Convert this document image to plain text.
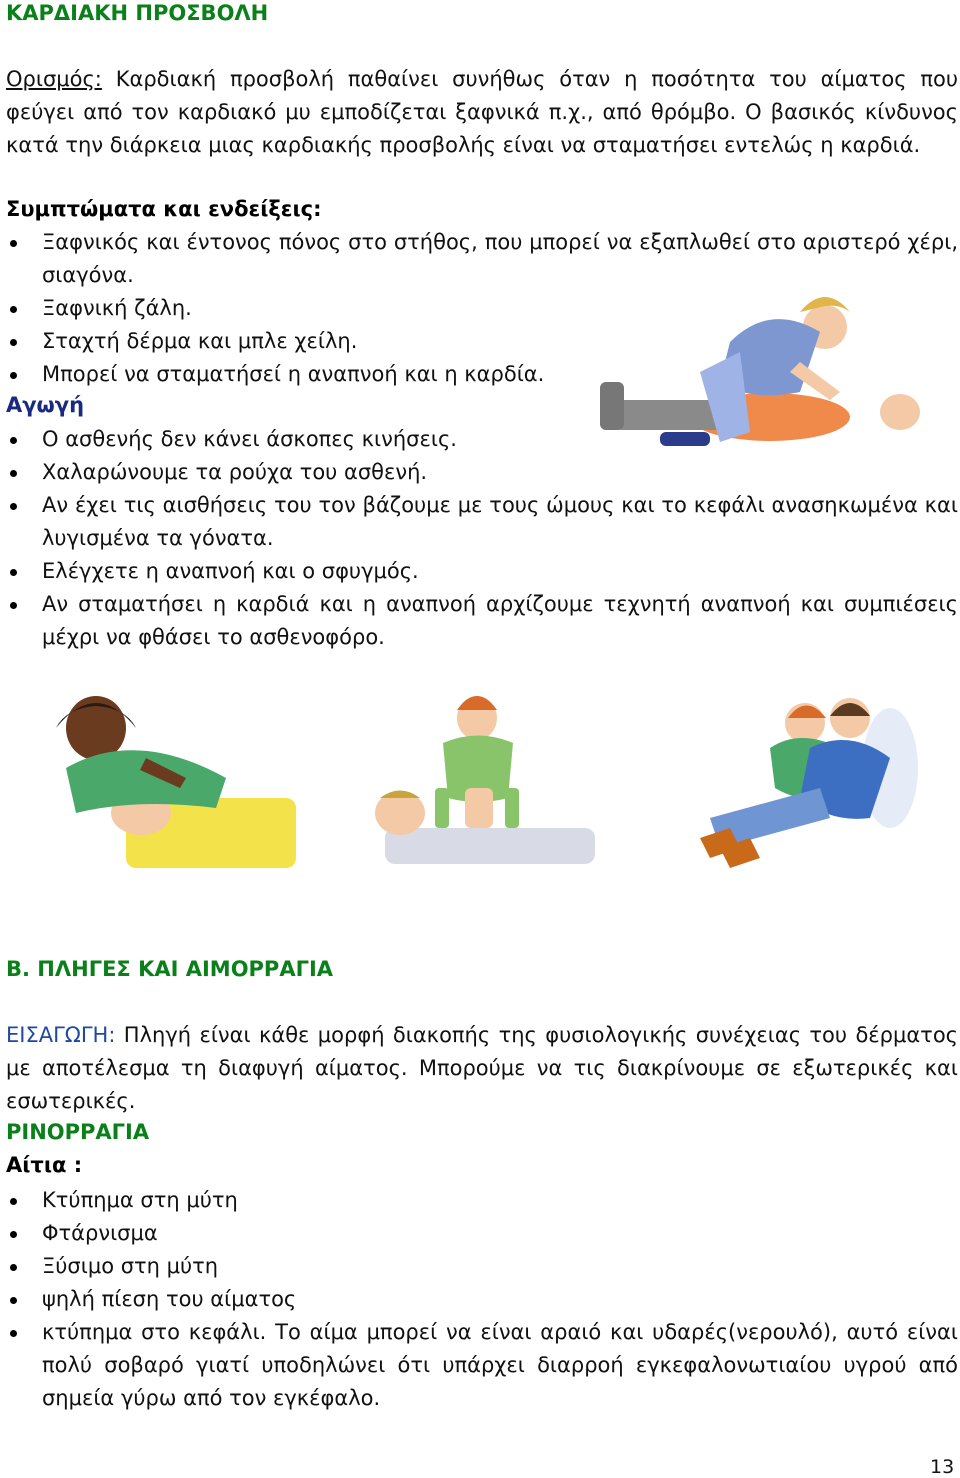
ΚΑΡΔΙΑΚΗ ΠΡΟΣΒΟΛΗ
Ορισμός: Καρδιακή προσβολή παθαίνει συνήθως όταν η ποσότητα του αίματος που φεύγει από τον καρδιακό μυ εμποδίζεται ξαφνικά π.χ., από θρόμβο. Ο βασικός κίνδυνος κατά την διάρκεια μιας καρδιακής προσβολής είναι να σταματήσει εντελώς η καρδιά.
Συμπτώματα και ενδείξεις:
Ξαφνικός και έντονος πόνος στο στήθος, που μπορεί να εξαπλωθεί στο αριστερό χέρι, σιαγόνα.
Ξαφνική ζάλη.
Σταχτή δέρμα και μπλε χείλη.
Μπορεί να σταματήσεί η αναπνοή και η καρδία.
Αγωγή
Ο ασθενής δεν κάνει άσκοπες κινήσεις.
Χαλαρώνουμε τα ρούχα του ασθενή.
Αν έχει τις αισθήσεις του τον βάζουμε με τους ώμους και το κεφάλι ανασηκωμένα και λυγισμένα τα γόνατα.
Ελέγχετε η αναπνοή και ο σφυγμός.
Αν σταματήσει η καρδιά και η αναπνοή αρχίζουμε τεχνητή αναπνοή και συμπιέσεις μέχρι να φθάσει το ασθενοφόρο.
Β. ΠΛΗΓΕΣ ΚΑΙ ΑΙΜΟΡΡΑΓΙΑ
ΕΙΣΑΓΩΓΗ: Πληγή είναι κάθε μορφή διακοπής της φυσιολογικής συνέχειας του δέρματος με αποτέλεσμα τη διαφυγή αίματος. Μπορούμε να τις διακρίνουμε σε εξωτερικές και εσωτερικές.
ΡΙΝΟΡΡΑΓΙΑ
Αίτια :
Κτύπημα στη μύτη
Φτάρνισμα
Ξύσιμο στη μύτη
ψηλή πίεση του αίματος
κτύπημα στο κεφάλι. Το αίμα μπορεί να είναι αραιό και υδαρές(νερουλό), αυτό είναι πολύ σοβαρό γιατί υποδηλώνει ότι υπάρχει διαρροή εγκεφαλονωτιαίου υγρού από σημεία γύρω από τον εγκέφαλο.
13
